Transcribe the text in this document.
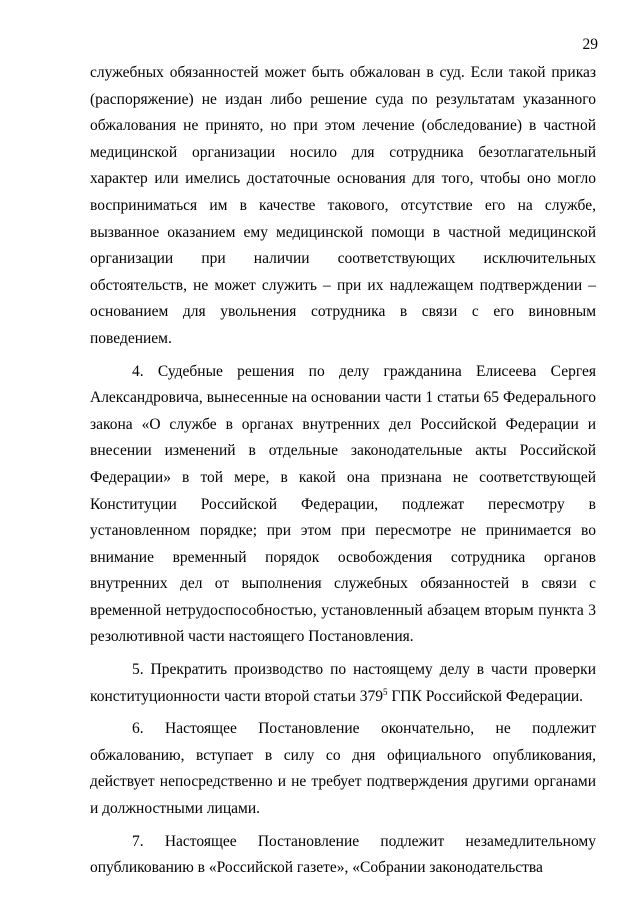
29

служебных обязанностей может быть обжалован в суд. Если такой приказ (распоряжение) не издан либо решение суда по результатам указанного обжалования не принято, но при этом лечение (обследование) в частной медицинской организации носило для сотрудника безотлагательный характер или имелись достаточные основания для того, чтобы оно могло восприниматься им в качестве такового, отсутствие его на службе, вызванное оказанием ему медицинской помощи в частной медицинской организации при наличии соответствующих исключительных обстоятельств, не может служить – при их надлежащем подтверждении – основанием для увольнения сотрудника в связи с его виновным поведением.

4. Судебные решения по делу гражданина Елисеева Сергея Александровича, вынесенные на основании части 1 статьи 65 Федерального закона «О службе в органах внутренних дел Российской Федерации и внесении изменений в отдельные законодательные акты Российской Федерации» в той мере, в какой она признана не соответствующей Конституции Российской Федерации, подлежат пересмотру в установленном порядке; при этом при пересмотре не принимается во внимание временный порядок освобождения сотрудника органов внутренних дел от выполнения служебных обязанностей в связи с временной нетрудоспособностью, установленный абзацем вторым пункта 3 резолютивной части настоящего Постановления.

5. Прекратить производство по настоящему делу в части проверки конституционности части второй статьи $379^5$ ГПК Российской Федерации.

6. Настоящее Постановление окончательно, не подлежит обжалованию, вступает в силу со дня официального опубликования, действует непосредственно и не требует подтверждения другими органами и должностными лицами.

7. Настоящее Постановление подлежит незамедлительному опубликованию в «Российской газете», «Собрании законодательства
